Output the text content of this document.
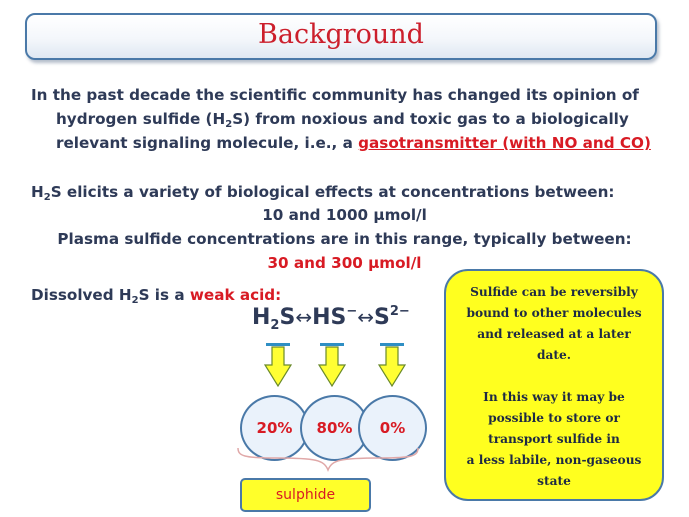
Background
In the past decade the scientific community has changed its opinion of
hydrogen sulfide $(H_2S)$ from noxious and toxic gas to a biologically
relevant signaling molecule, i.e., a gasotransmitter (with NO and CO)
$H_2S$ elicits a variety of biological effects at concentrations between:
10 and 1000 µmol/l
Plasma sulfide concentrations are in this range, typically between:
30 and 300 µmol/l
Dissolved $H_2S$ is a weak acid:
$H_2S\leftrightarrow HS^-\leftrightarrow S^{2-}$
20%	80%	0%
sulphide

Sulfide can be reversibly

bound to other molecules

and released at a later

date.

In this way it may be

possible to store or

transport sulfide in

a less labile, non-gaseous

state
